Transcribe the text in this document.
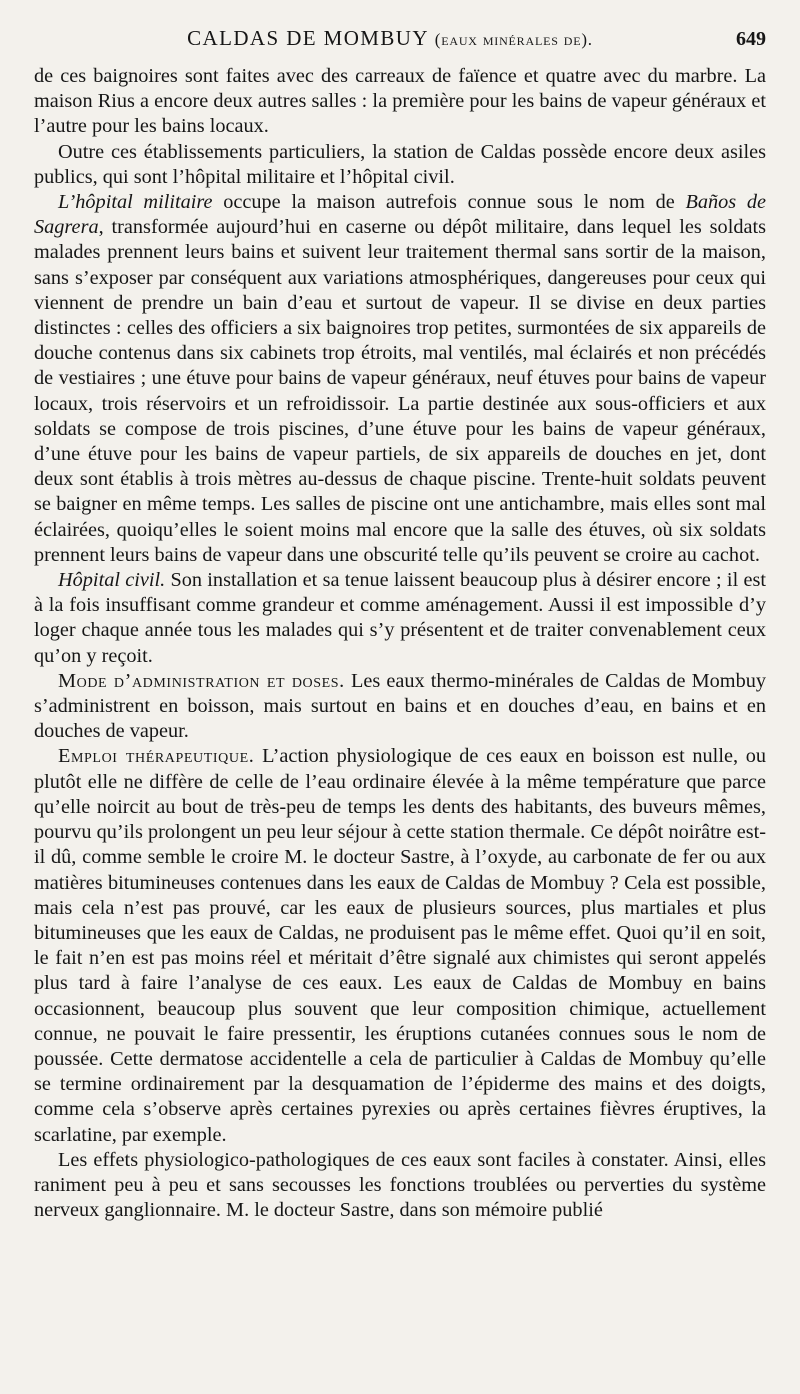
CALDAS DE MOMBUY (eaux minérales de).	649

de ces baignoires sont faites avec des carreaux de faïence et quatre avec du marbre. La maison Rius a encore deux autres salles : la première pour les bains de vapeur généraux et l’autre pour les bains locaux.

Outre ces établissements particuliers, la station de Caldas possède encore deux asiles publics, qui sont l’hôpital militaire et l’hôpital civil.

L’hôpital militaire occupe la maison autrefois connue sous le nom de Baños de Sagrera, transformée aujourd’hui en caserne ou dépôt militaire, dans lequel les soldats malades prennent leurs bains et suivent leur traitement thermal sans sortir de la maison, sans s’exposer par conséquent aux variations atmosphériques, dangereuses pour ceux qui viennent de prendre un bain d’eau et surtout de vapeur. Il se divise en deux parties distinctes : celles des officiers a six baignoires trop petites, surmontées de six appareils de douche contenus dans six cabinets trop étroits, mal ventilés, mal éclairés et non précédés de vestiaires ; une étuve pour bains de vapeur généraux, neuf étuves pour bains de vapeur locaux, trois réservoirs et un refroidissoir. La partie destinée aux sous-officiers et aux soldats se compose de trois piscines, d’une étuve pour les bains de vapeur généraux, d’une étuve pour les bains de vapeur partiels, de six appareils de douches en jet, dont deux sont établis à trois mètres au-dessus de chaque piscine. Trente-huit soldats peuvent se baigner en même temps. Les salles de piscine ont une antichambre, mais elles sont mal éclairées, quoiqu’elles le soient moins mal encore que la salle des étuves, où six soldats prennent leurs bains de vapeur dans une obscurité telle qu’ils peuvent se croire au cachot.

Hôpital civil. Son installation et sa tenue laissent beaucoup plus à désirer encore ; il est à la fois insuffisant comme grandeur et comme aménagement. Aussi il est impossible d’y loger chaque année tous les malades qui s’y présentent et de traiter convenablement ceux qu’on y reçoit.

Mode d’administration et doses. Les eaux thermo-minérales de Caldas de Mombuy s’administrent en boisson, mais surtout en bains et en douches d’eau, en bains et en douches de vapeur.

Emploi thérapeutique. L’action physiologique de ces eaux en boisson est nulle, ou plutôt elle ne diffère de celle de l’eau ordinaire élevée à la même température que parce qu’elle noircit au bout de très-peu de temps les dents des habitants, des buveurs mêmes, pourvu qu’ils prolongent un peu leur séjour à cette station thermale. Ce dépôt noirâtre est-il dû, comme semble le croire M. le docteur Sastre, à l’oxyde, au carbonate de fer ou aux matières bitumineuses contenues dans les eaux de Caldas de Mombuy ? Cela est possible, mais cela n’est pas prouvé, car les eaux de plusieurs sources, plus martiales et plus bitumineuses que les eaux de Caldas, ne produisent pas le même effet. Quoi qu’il en soit, le fait n’en est pas moins réel et méritait d’être signalé aux chimistes qui seront appelés plus tard à faire l’analyse de ces eaux. Les eaux de Caldas de Mombuy en bains occasionnent, beaucoup plus souvent que leur composition chimique, actuellement connue, ne pouvait le faire pressentir, les éruptions cutanées connues sous le nom de poussée. Cette dermatose accidentelle a cela de particulier à Caldas de Mombuy qu’elle se termine ordinairement par la desquamation de l’épiderme des mains et des doigts, comme cela s’observe après certaines pyrexies ou après certaines fièvres éruptives, la scarlatine, par exemple.

Les effets physiologico-pathologiques de ces eaux sont faciles à constater. Ainsi, elles raniment peu à peu et sans secousses les fonctions troublées ou perverties du système nerveux ganglionnaire. M. le docteur Sastre, dans son mémoire publié
